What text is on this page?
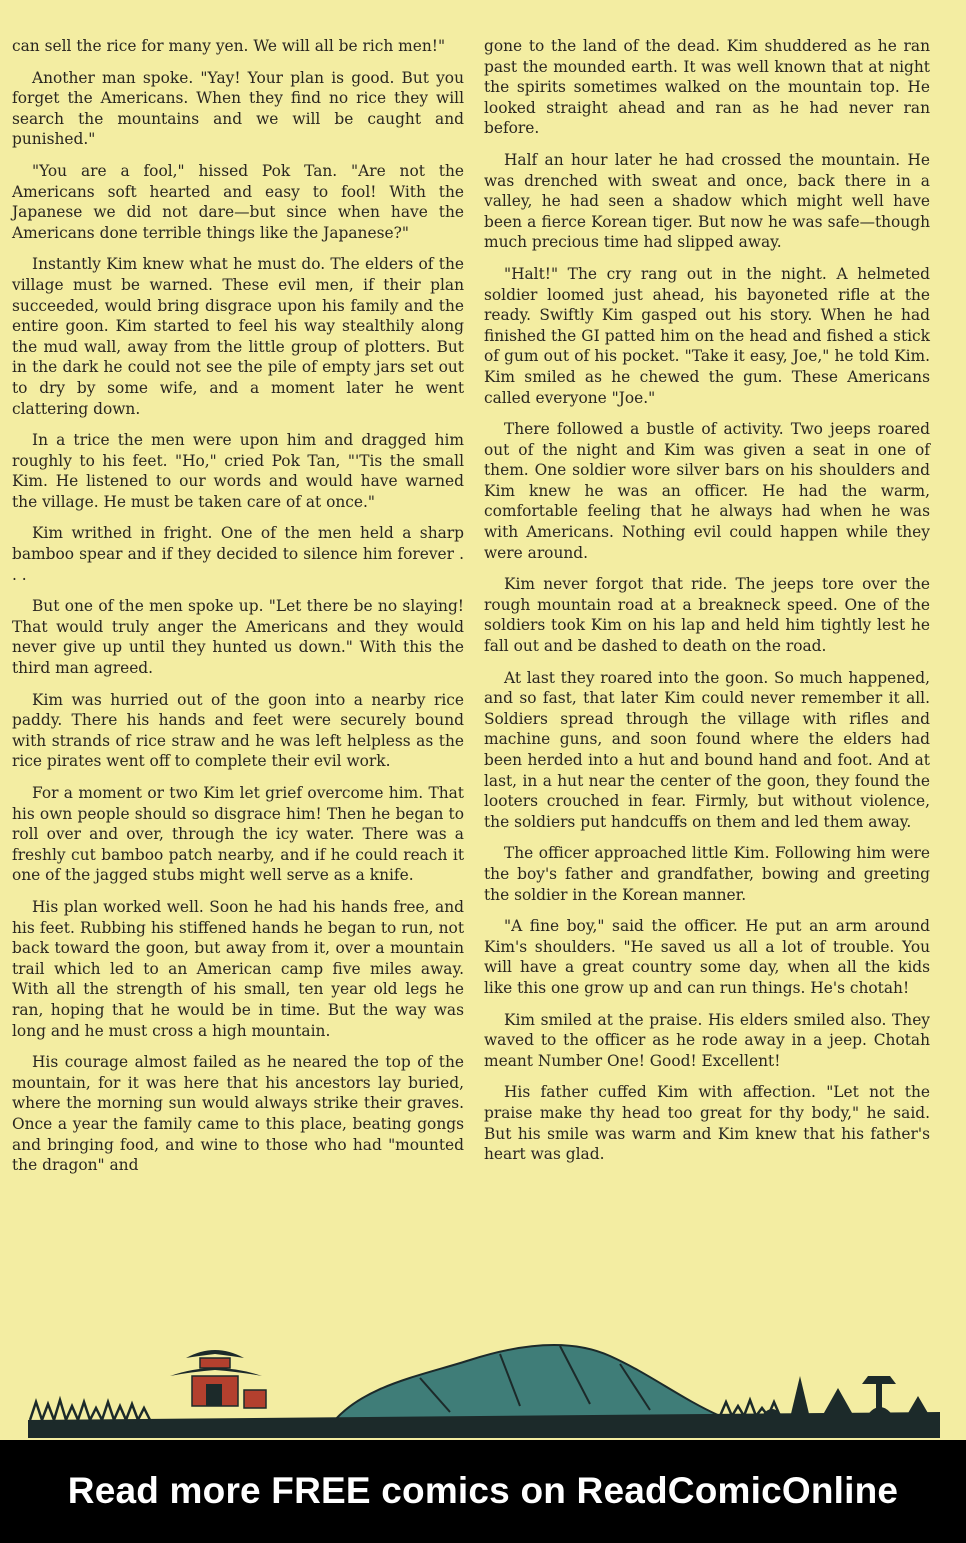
can sell the rice for many yen. We will all be rich men!"

Another man spoke. "Yay! Your plan is good. But you forget the Americans. When they find no rice they will search the mountains and we will be caught and punished."

"You are a fool," hissed Pok Tan. "Are not the Americans soft hearted and easy to fool! With the Japanese we did not dare—but since when have the Americans done terrible things like the Japanese?"

Instantly Kim knew what he must do. The elders of the village must be warned. These evil men, if their plan succeeded, would bring disgrace upon his family and the entire goon. Kim started to feel his way stealthily along the mud wall, away from the little group of plotters. But in the dark he could not see the pile of empty jars set out to dry by some wife, and a moment later he went clattering down.

In a trice the men were upon him and dragged him roughly to his feet. "Ho," cried Pok Tan, "'Tis the small Kim. He listened to our words and would have warned the village. He must be taken care of at once."

Kim writhed in fright. One of the men held a sharp bamboo spear and if they decided to silence him forever . . .

But one of the men spoke up. "Let there be no slaying! That would truly anger the Americans and they would never give up until they hunted us down." With this the third man agreed.

Kim was hurried out of the goon into a nearby rice paddy. There his hands and feet were securely bound with strands of rice straw and he was left helpless as the rice pirates went off to complete their evil work.

For a moment or two Kim let grief overcome him. That his own people should so disgrace him! Then he began to roll over and over, through the icy water. There was a freshly cut bamboo patch nearby, and if he could reach it one of the jagged stubs might well serve as a knife.

His plan worked well. Soon he had his hands free, and his feet. Rubbing his stiffened hands he began to run, not back toward the goon, but away from it, over a mountain trail which led to an American camp five miles away. With all the strength of his small, ten year old legs he ran, hoping that he would be in time. But the way was long and he must cross a high mountain.

His courage almost failed as he neared the top of the mountain, for it was here that his ancestors lay buried, where the morning sun would always strike their graves. Once a year the family came to this place, beating gongs and bringing food, and wine to those who had "mounted the dragon" and

gone to the land of the dead. Kim shuddered as he ran past the mounded earth. It was well known that at night the spirits sometimes walked on the mountain top. He looked straight ahead and ran as he had never ran before.

Half an hour later he had crossed the mountain. He was drenched with sweat and once, back there in a valley, he had seen a shadow which might well have been a fierce Korean tiger. But now he was safe—though much precious time had slipped away.

"Halt!" The cry rang out in the night. A helmeted soldier loomed just ahead, his bayoneted rifle at the ready. Swiftly Kim gasped out his story. When he had finished the GI patted him on the head and fished a stick of gum out of his pocket. "Take it easy, Joe," he told Kim. Kim smiled as he chewed the gum. These Americans called everyone "Joe."

There followed a bustle of activity. Two jeeps roared out of the night and Kim was given a seat in one of them. One soldier wore silver bars on his shoulders and Kim knew he was an officer. He had the warm, comfortable feeling that he always had when he was with Americans. Nothing evil could happen while they were around.

Kim never forgot that ride. The jeeps tore over the rough mountain road at a breakneck speed. One of the soldiers took Kim on his lap and held him tightly lest he fall out and be dashed to death on the road.

At last they roared into the goon. So much happened, and so fast, that later Kim could never remember it all. Soldiers spread through the village with rifles and machine guns, and soon found where the elders had been herded into a hut and bound hand and foot. And at last, in a hut near the center of the goon, they found the looters crouched in fear. Firmly, but without violence, the soldiers put handcuffs on them and led them away.

The officer approached little Kim. Following him were the boy's father and grandfather, bowing and greeting the soldier in the Korean manner.

"A fine boy," said the officer. He put an arm around Kim's shoulders. "He saved us all a lot of trouble. You will have a great country some day, when all the kids like this one grow up and can run things. He's chotah!

Kim smiled at the praise. His elders smiled also. They waved to the officer as he rode away in a jeep. Chotah meant Number One! Good! Excellent!

His father cuffed Kim with affection. "Let not the praise make thy head too great for thy body," he said. But his smile was warm and Kim knew that his father's heart was glad.

Read more FREE comics on ReadComicOnline
